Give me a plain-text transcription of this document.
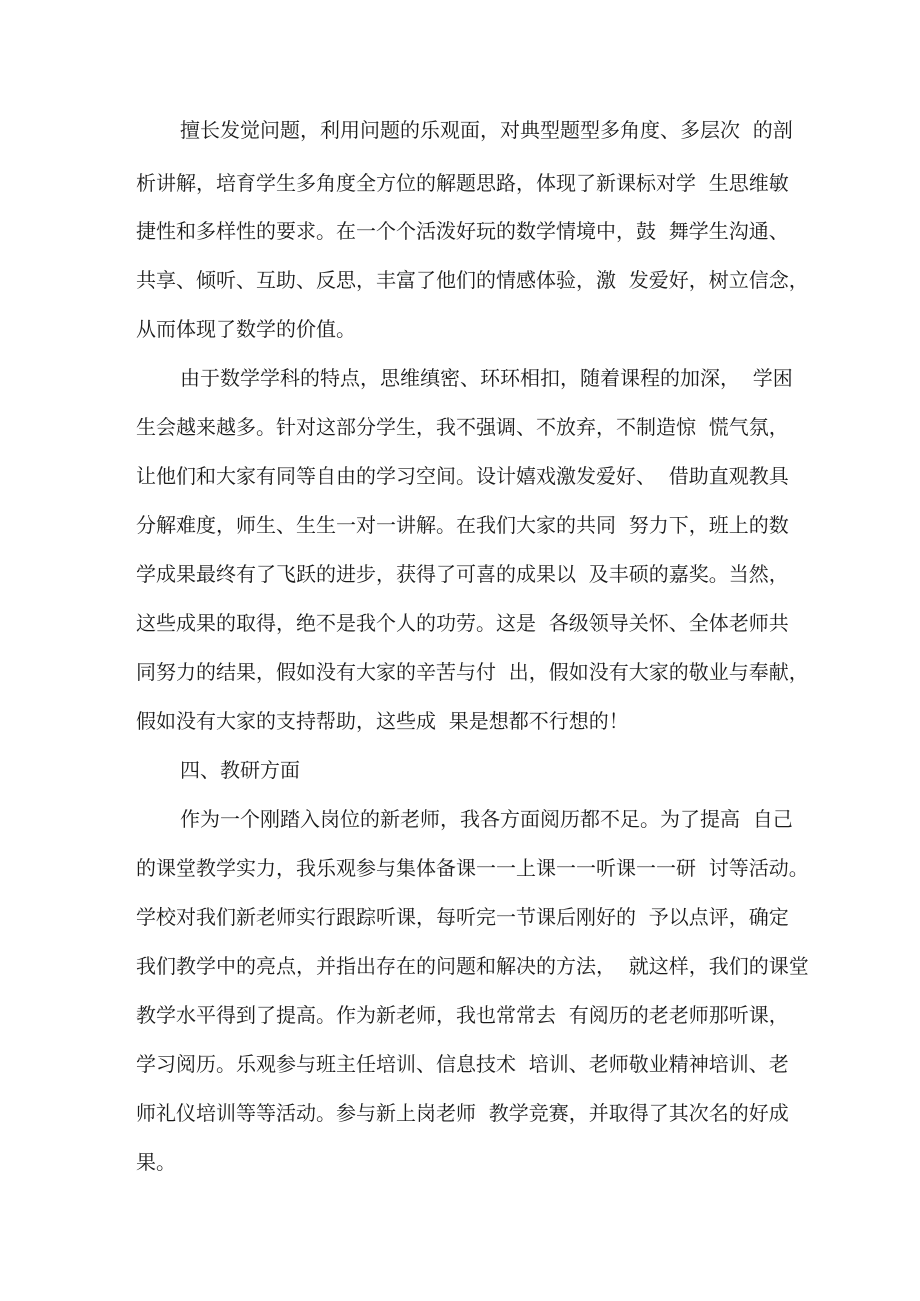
擅长发觉问题，利用问题的乐观面，对典型题型多角度、多层次  的剖
析讲解，培育学生多角度全方位的解题思路，体现了新课标对学  生思维敏
捷性和多样性的要求。在一个个活泼好玩的数学情境中，鼓  舞学生沟通、
共享、倾听、互助、反思，丰富了他们的情感体验，激  发爱好，树立信念，
从而体现了数学的价值。
由于数学学科的特点，思维缜密、环环相扣，随着课程的加深，  学困
生会越来越多。针对这部分学生，我不强调、不放弃，不制造惊  慌气氛，
让他们和大家有同等自由的学习空间。设计嬉戏激发爱好、  借助直观教具
分解难度，师生、生生一对一讲解。在我们大家的共同  努力下，班上的数
学成果最终有了飞跃的进步，获得了可喜的成果以  及丰硕的嘉奖。当然，
这些成果的取得，绝不是我个人的功劳。这是  各级领导关怀、全体老师共
同努力的结果，假如没有大家的辛苦与付  出，假如没有大家的敬业与奉献，
假如没有大家的支持帮助，这些成  果是想都不行想的！
四、教研方面
作为一个刚踏入岗位的新老师，我各方面阅历都不足。为了提高  自己
的课堂教学实力，我乐观参与集体备课一一上课一一听课一一研  讨等活动。
学校对我们新老师实行跟踪听课，每听完一节课后刚好的  予以点评，确定
我们教学中的亮点，并指出存在的问题和解决的方法，  就这样，我们的课堂
教学水平得到了提高。作为新老师，我也常常去  有阅历的老老师那听课，
学习阅历。乐观参与班主任培训、信息技术  培训、老师敬业精神培训、老
师礼仪培训等等活动。参与新上岗老师  教学竞赛，并取得了其次名的好成
果。
